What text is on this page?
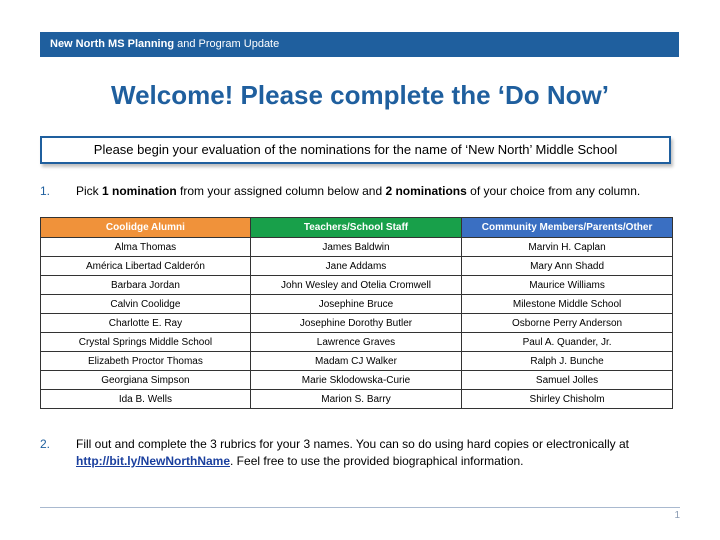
New North MS Planning and Program Update
Welcome! Please complete the ‘Do Now’
Please begin your evaluation of the nominations for the name of ‘New North’ Middle School
1. Pick 1 nomination from your assigned column below and 2 nominations of your choice from any column.
Coolidge Alumni	Teachers/School Staff	Community Members/Parents/Other
Alma Thomas	James Baldwin	Marvin H. Caplan
América Libertad Calderón	Jane Addams	Mary Ann Shadd
Barbara Jordan	John Wesley and Otelia Cromwell	Maurice Williams
Calvin Coolidge	Josephine Bruce	Milestone Middle School
Charlotte E. Ray	Josephine Dorothy Butler	Osborne Perry Anderson
Crystal Springs Middle School	Lawrence Graves	Paul A. Quander, Jr.
Elizabeth Proctor Thomas	Madam CJ Walker	Ralph J. Bunche
Georgiana Simpson	Marie Sklodowska-Curie	Samuel Jolles
Ida B. Wells	Marion S. Barry	Shirley Chisholm
2. Fill out and complete the 3 rubrics for your 3 names. You can so do using hard copies or electronically at http://bit.ly/NewNorthName. Feel free to use the provided biographical information.
1
